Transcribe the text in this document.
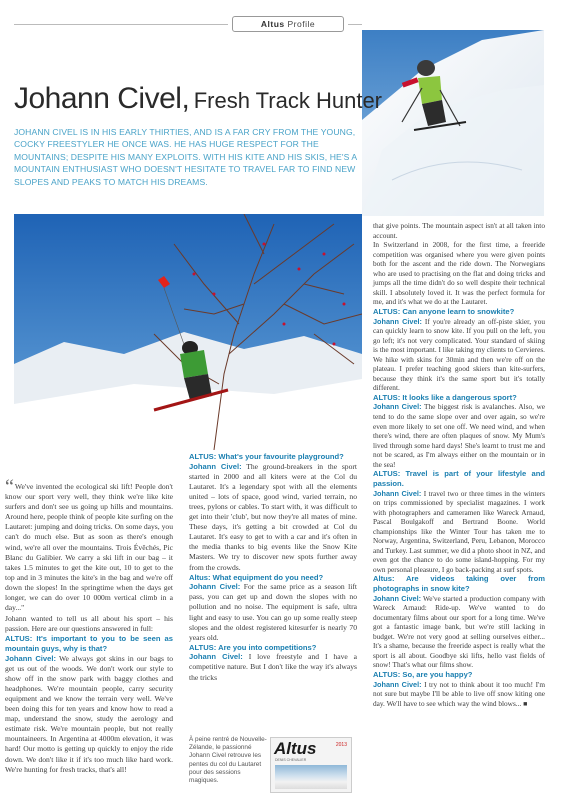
Altus Profile
Johann Civel, Fresh Track Hunter
JOHANN CIVEL IS IN HIS EARLY THIRTIES, AND IS A FAR CRY FROM THE YOUNG, COCKY FREESTYLER HE ONCE WAS. HE HAS HUGE RESPECT FOR THE MOUNTAINS; DESPITE HIS MANY EXPLOITS. WITH HIS KITE AND HIS SKIS, HE'S A MOUNTAIN ENTHUSIAST WHO DOESN'T HESITATE TO TRAVEL FAR TO FIND NEW SLOPES AND PEAKS TO MATCH HIS DREAMS.

“We've invented the ecological ski lift! People don't know our sport very well, they think we're like kite surfers and don't see us going up hills and mountains. Around here, people think of people kite surfing on the Lautaret: jumping and doing tricks. On some days, you can't do much else. But as soon as there's enough wind, we're all over the mountains. Trois Évêchés, Pic Blanc du Galibier. We carry a ski lift in our bag – it takes 1.5 minutes to get the kite out, 10 to get to the top and in 3 minutes the kite's in the bag and we're off down the slopes! In the springtime when the days get longer, we can do over 10 000m vertical climb in a day..."

Johann wanted to tell us all about his sport – his passion. Here are our questions answered in full:

ALTUS: It's important to you to be seen as mountain guys, why is that?

Johann Civel: We always got skins in our bags to get us out of the woods. We don't work our style to show off in the snow park with baggy clothes and headphones. We're mountain people, carry security equipment and we know the terrain very well. We've been doing this for ten years and know how to read a map, understand the snow, study the aerology and estimate risk. We're mountain people, but not really mountaineers. In Argentina at 4000m elevation, it was hard! Our motto is getting up quickly to enjoy the ride down. We don't like it if it's too much like hard work. We're hunting for fresh tracks, that's all!

ALTUS: What's your favourite playground?

Johann Civel: The ground-breakers in the sport started in 2000 and all kiters were at the Col du Lautaret. It's a legendary spot with all the elements united – lots of space, good wind, varied terrain, no trees, pylons or cables. To start with, it was difficult to get into their 'club', but now they're all mates of mine. These days, it's getting a bit crowded at Col du Lautaret. It's easy to get to with a car and it's often in the media thanks to big events like the Snow Kite Masters. We try to discover new spots further away from the crowds.

Altus: What equipment do you need?

Johann Civel: For the same price as a season lift pass, you can get up and down the slopes with no pollution and no noise. The equipment is safe, ultra light and easy to use. You can go up some really steep slopes and the oldest registered kitesurfer is nearly 70 years old.

ALTUS: Are you into competitions?

Johann Civel: I love freestyle and I have a competitive nature. But I don't like the way it's always the tricks

À peine rentré de Nouvelle-Zélande, le passionné Johann Civel retrouve les pentes du col du Lautaret pour des sessions magiques.
Altus
DENIS CHEVALIER
2013

that give points. The mountain aspect isn't at all taken into account.

In Switzerland in 2008, for the first time, a freeride competition was organised where you were given points both for the ascent and the ride down. The Norwegians who are used to practising on the flat and doing tricks and jumps all the time didn't do so well despite their technical skill. I absolutely loved it. It was the perfect formula for me, and it's what we do at the Lautaret.

ALTUS: Can anyone learn to snowkite?

Johann Civel: If you're already an off-piste skier, you can quickly learn to snow kite. If you pull on the left, you go left; it's not very complicated. Your standard of skiing is the most important. I like taking my clients to Cervieres. We hike with skins for 30min and then we're off on the plateau. I prefer teaching good skiers than kite-surfers, because they think it's the same sport but it's totally different.

ALTUS: It looks like a dangerous sport?

Johann Civel: The biggest risk is avalanches. Also, we tend to do the same slope over and over again, so we're even more likely to set one off. We need wind, and when there's wind, there are often plaques of snow. My Mum's lived through some hard days! She's learnt to trust me and not be scared, as I'm always either on the mountain or in the sea!

ALTUS: Travel is part of your lifestyle and passion.

Johann Civel: I travel two or three times in the winters on trips commissioned by specialist magazines. I work with photographers and cameramen like Wareck Arnaud, Pascal Boulgakoff and Bertrand Boone. World championships like the Winter Tour has taken me to Norway, Argentina, Switzerland, Peru, Lebanon, Morocco and Turkey. Last summer, we did a photo shoot in NZ, and even got the chance to do some island-hopping. For my own personal pleasure, I go back-packing at surf spots.

Altus: Are videos taking over from photographs in snow kite?

Johann Civel: We've started a production company with Wareck Arnaud: Ride-up. We've wanted to do documentary films about our sport for a long time. We've got a fantastic image bank, but we're still lacking in budget. We're not very good at selling ourselves either... It's a shame, because the freeride aspect is really what the sport is all about. Goodbye ski lifts, hello vast fields of snow! That's what our films show.

ALTUS: So, are you happy?

Johann Civel: I try not to think about it too much! I'm not sure but maybe I'll be able to live off snow kiting one day. We'll have to see which way the wind blows... ■
